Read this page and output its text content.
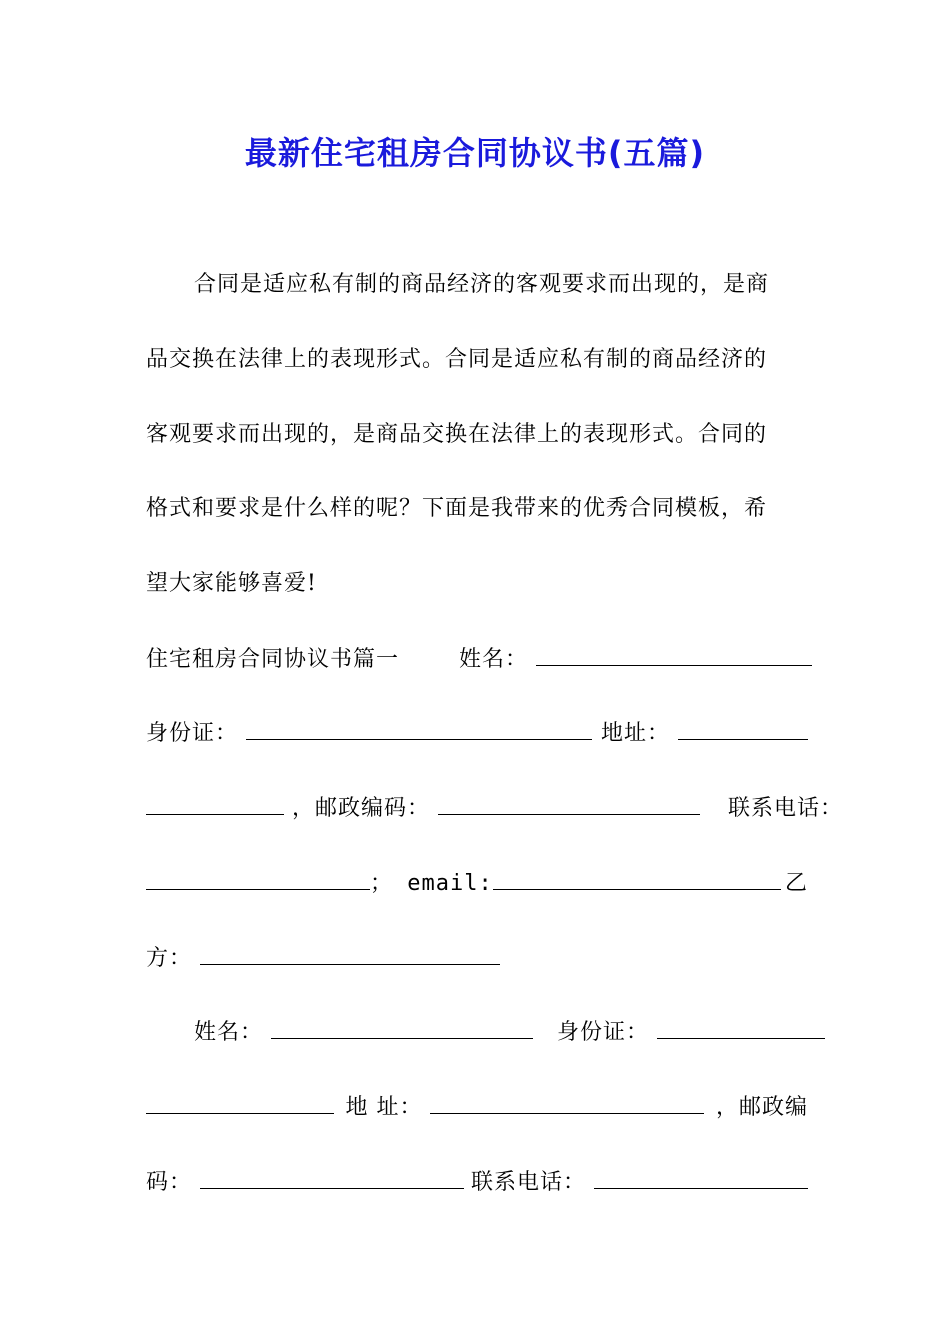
最新住宅租房合同协议书(五篇)
合同是适应私有制的商品经济的客观要求而出现的，是商
品交换在法律上的表现形式。合同是适应私有制的商品经济的
客观要求而出现的，是商品交换在法律上的表现形式。合同的
格式和要求是什么样的呢？下面是我带来的优秀合同模板，希
望大家能够喜爱!
住宅租房合同协议书篇一	姓名：
身份证：	地址：
，邮政编码：	联系电话：
； email:	乙
方：
姓名：	身份证：
地 址：	，邮政编
码：	联系电话：
